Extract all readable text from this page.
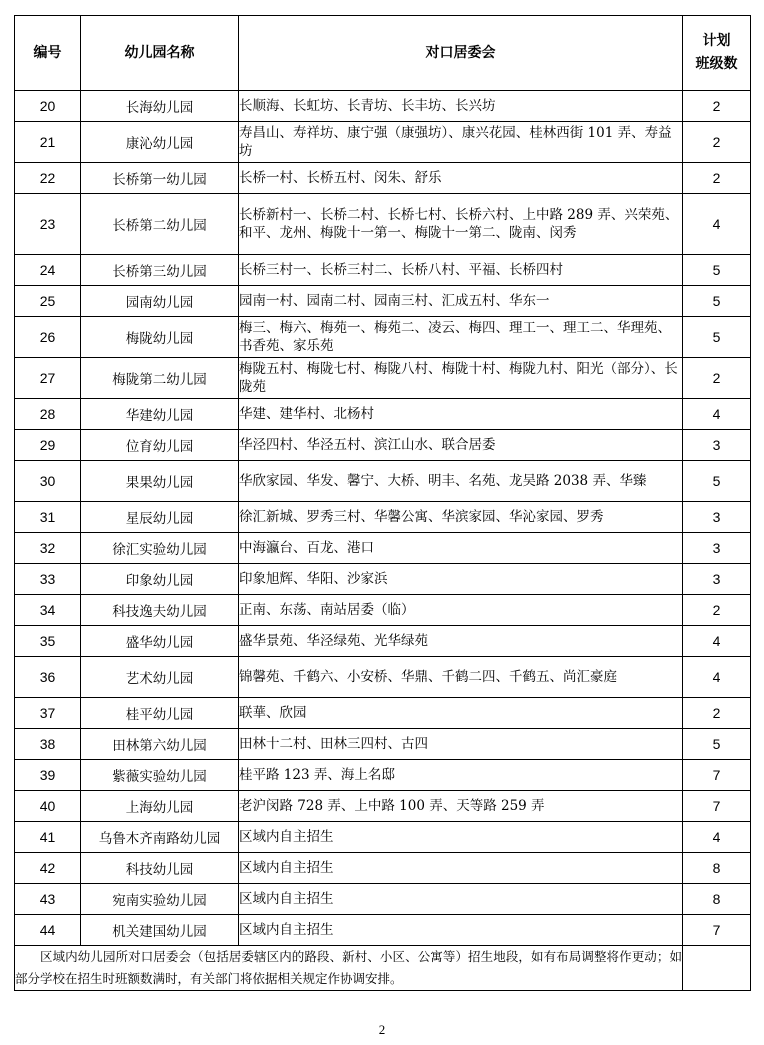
编号	幼儿园名称	对口居委会	计划
班级数

20	长海幼儿园	长顺海、长虹坊、长青坊、长丰坊、长兴坊	2
21	康沁幼儿园	寿昌山、寿祥坊、康宁强（康强坊）、康兴花园、桂林西街 101 弄、寿益坊	2
22	长桥第一幼儿园	长桥一村、长桥五村、闵朱、舒乐	2
23	长桥第二幼儿园	长桥新村一、长桥二村、长桥七村、长桥六村、上中路 289 弄、兴荣苑、和平、龙州、梅陇十一第一、梅陇十一第二、陇南、闵秀	4
24	长桥第三幼儿园	长桥三村一、长桥三村二、长桥八村、平福、长桥四村	5
25	园南幼儿园	园南一村、园南二村、园南三村、汇成五村、华东一	5
26	梅陇幼儿园	梅三、梅六、梅苑一、梅苑二、凌云、梅四、理工一、理工二、华理苑、书香苑、家乐苑	5
27	梅陇第二幼儿园	梅陇五村、梅陇七村、梅陇八村、梅陇十村、梅陇九村、阳光（部分）、长陇苑	2
28	华建幼儿园	华建、建华村、北杨村	4
29	位育幼儿园	华泾四村、华泾五村、滨江山水、联合居委	3
30	果果幼儿园	华欣家园、华发、馨宁、大桥、明丰、名苑、龙吴路 2038 弄、华臻	5
31	星辰幼儿园	徐汇新城、罗秀三村、华馨公寓、华滨家园、华沁家园、罗秀	3
32	徐汇实验幼儿园	中海瀛台、百龙、港口	3
33	印象幼儿园	印象旭辉、华阳、沙家浜	3
34	科技逸夫幼儿园	正南、东荡、南站居委（临）	2
35	盛华幼儿园	盛华景苑、华泾绿苑、光华绿苑	4
36	艺术幼儿园	锦馨苑、千鹤六、小安桥、华鼎、千鹤二四、千鹤五、尚汇豪庭	4
37	桂平幼儿园	联華、欣园	2
38	田林第六幼儿园	田林十二村、田林三四村、古四	5
39	紫薇实验幼儿园	桂平路 123 弄、海上名邸	7
40	上海幼儿园	老沪闵路 728 弄、上中路 100 弄、天等路 259 弄	7
41	乌鲁木齐南路幼儿园	区域内自主招生	4
42	科技幼儿园	区域内自主招生	8
43	宛南实验幼儿园	区域内自主招生	8
44	机关建国幼儿园	区域内自主招生	7
区域内幼儿园所对口居委会（包括居委辖区内的路段、新村、小区、公寓等）招生地段，如有布局调整将作更动；如部分学校在招生时班额数满时，有关部门将依据相关规定作协调安排。			
2
